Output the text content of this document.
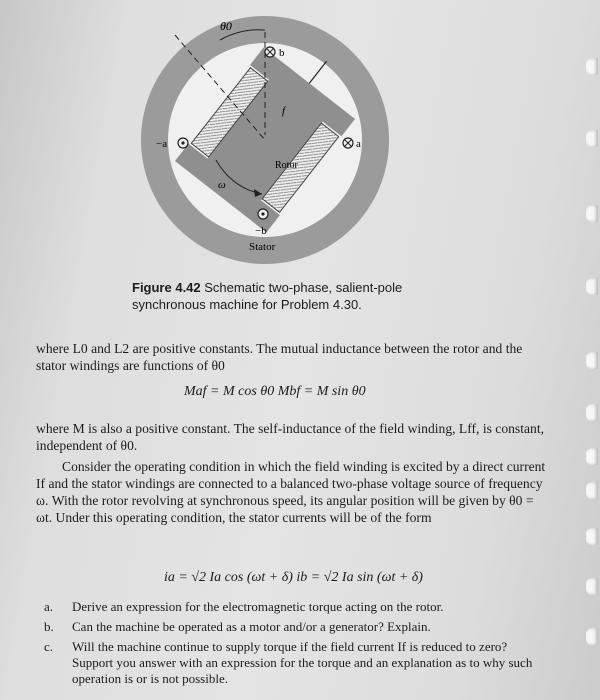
θ0
b
f
a
−a
Rotor
ω
−b
Stator
Figure 4.42 Schematic two-phase, salient-pole synchronous machine for Problem 4.30.

where L0 and L2 are positive constants. The mutual inductance between the rotor and the stator windings are functions of θ0

Maf = M cos θ0 Mbf = M sin θ0

where M is also a positive constant. The self-inductance of the field winding, Lff, is constant, independent of θ0.

Consider the operating condition in which the field winding is excited by a direct current If and the stator windings are connected to a balanced two-phase voltage source of frequency ω. With the rotor revolving at synchronous speed, its angular position will be given by θ0 = ωt. Under this operating condition, the stator currents will be of the form

ia = √2 Ia cos (ωt + δ) ib = √2 Ia sin (ωt + δ)
a. Derive an expression for the electromagnetic torque acting on the rotor.
b. Can the machine be operated as a motor and/or a generator? Explain.
c. Will the machine continue to supply torque if the field current If is reduced to zero? Support you answer with an expression for the torque and an explanation as to why such operation is or is not possible.
